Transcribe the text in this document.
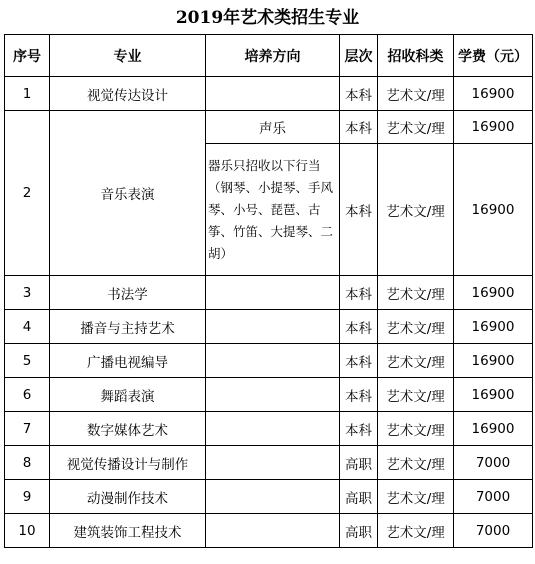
2019年艺术类招生专业
序号	专业	培养方向	层次	招收科类	学费（元）
1	视觉传达设计		本科	艺术文/理	16900
2	音乐表演	声乐	本科	艺术文/理	16900
		器乐只招收以下行当（钢琴、小提琴、手风琴、小号、琵琶、古筝、竹笛、大提琴、二胡）	本科	艺术文/理	16900
3	书法学		本科	艺术文/理	16900
4	播音与主持艺术		本科	艺术文/理	16900
5	广播电视编导		本科	艺术文/理	16900
6	舞蹈表演		本科	艺术文/理	16900
7	数字媒体艺术		本科	艺术文/理	16900
8	视觉传播设计与制作		高职	艺术文/理	7000
9	动漫制作技术		高职	艺术文/理	7000
10	建筑装饰工程技术		高职	艺术文/理	7000
